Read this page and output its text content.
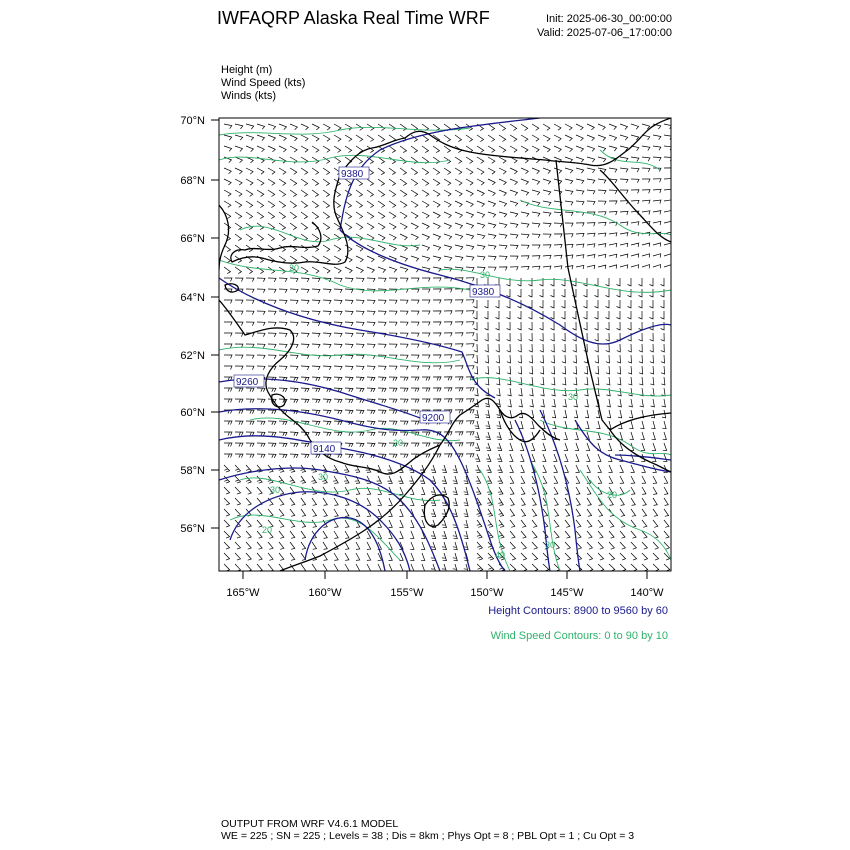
IWFAQRP Alaska Real Time WRF	Init: 2025-06-30_00:00:00
Valid: 2025-07-06_17:00:00
Height (m)
Wind Speed (kts)
Winds (kts)
9380
9380
9260
9200
9140
20
30
30
20
30
30
20
40
30
20
70°N
68°N
66°N
64°N
62°N
60°N
58°N
56°N
165°W	160°W	155°W	150°W	145°W	140°W
Height Contours: 8900 to 9560 by 60
Wind Speed Contours: 0 to 90 by 10
OUTPUT FROM WRF V4.6.1 MODEL
WE = 225 ; SN = 225 ; Levels = 38 ; Dis = 8km ; Phys Opt = 8 ; PBL Opt = 1 ; Cu Opt = 3
